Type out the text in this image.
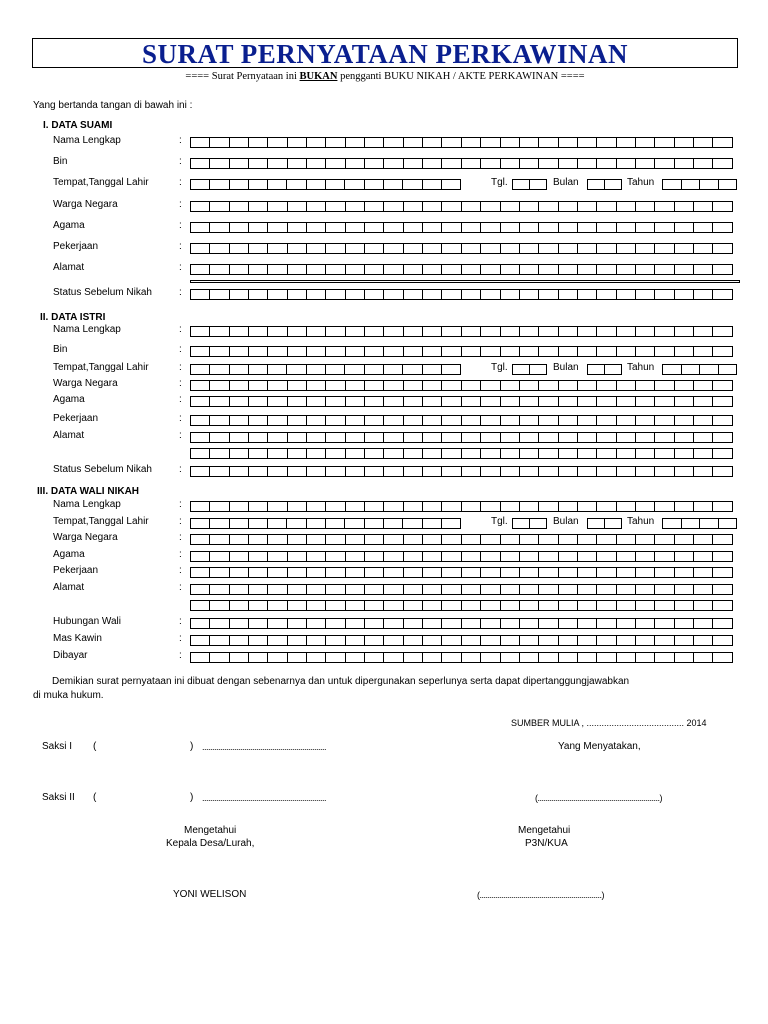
SURAT PERNYATAAN PERKAWINAN
==== Surat Pernyataan ini BUKAN pengganti BUKU NIKAH / AKTE PERKAWINAN ====
Yang bertanda tangan di bawah ini :
I. DATA SUAMI
Nama Lengkap	:
Bin	:
Tempat,Tanggal Lahir	:	Tgl.	Bulan	Tahun
Warga Negara	:
Agama	:
Pekerjaan	:
Alamat	:
Status Sebelum Nikah	:
II. DATA ISTRI
Nama Lengkap	:
Bin	:
Tempat,Tanggal Lahir	:	Tgl.	Bulan	Tahun
Warga Negara	:
Agama	:
Pekerjaan	:
Alamat	:
Status Sebelum Nikah	:
III. DATA WALI NIKAH
Nama Lengkap	:
Tempat,Tanggal Lahir	:	Tgl.	Bulan	Tahun
Warga Negara	:
Agama	:
Pekerjaan	:
Alamat	:
Hubungan Wali	:
Mas Kawin	:
Dibayar	:
Demikian surat pernyataan ini dibuat dengan sebenarnya dan untuk dipergunakan seperlunya serta dapat dipertanggungjawabkan
di muka hukum.
SUMBER MULIA , ....................................... 2014
Saksi I (	) ..............................................................	Yang Menyatakan,
Saksi II (	) ..............................................................	(.............................................................)
Mengetahui
Kepala Desa/Lurah,
YONI WELISON
Mengetahui
P3N/KUA
(.............................................................)
